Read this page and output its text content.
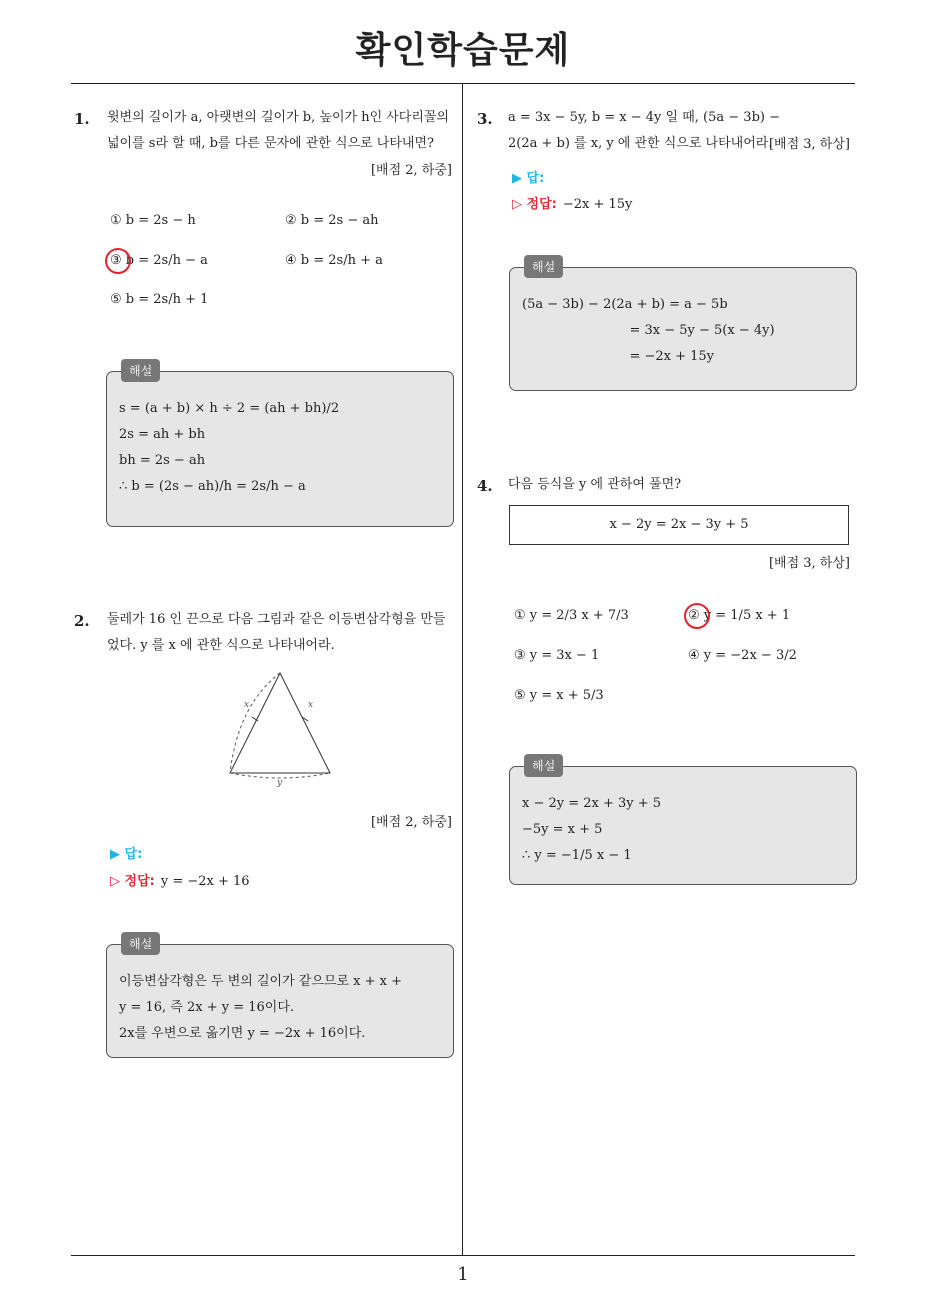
확인학습문제
1
1. 윗변의 길이가 a, 아랫변의 길이가 b, 높이가 h인 사다리꼴의 넓이를 s라 할 때, b를 다른 문자에 관한 식으로 나타내면?
[배점 2, 하중]
① b = 2s − h	② b = 2s − ah
③ b = 2s/h − a	④ b = 2s/h + a
⑤ b = 2s/h + 1
해설
s = (a + b) × h ÷ 2 = (ah + bh)/2
2s = ah + bh
bh = 2s − ah
∴ b = (2s − ah)/h = 2s/h − a
2. 둘레가 16 인 끈으로 다음 그림과 같은 이등변삼각형을 만들었다. y 를 x 에 관한 식으로 나타내어라.
x	x
y
[배점 2, 하중]
▶ 답:
▷ 정답: y = −2x + 16
해설
이등변삼각형은 두 변의 길이가 같으므로 x + x +
y = 16, 즉 2x + y = 16이다.
2x를 우변으로 옮기면 y = −2x + 16이다.
3. a = 3x − 5y, b = x − 4y 일 때, (5a − 3b) − 2(2a + b) 를 x, y 에 관한 식으로 나타내어라.
[배점 3, 하상]
▶ 답:
▷ 정답: −2x + 15y
해설
(5a − 3b) − 2(2a + b) = a − 5b
= 3x − 5y − 5(x − 4y)
= −2x + 15y
4. 다음 등식을 y 에 관하여 풀면?
x − 2y = 2x − 3y + 5
[배점 3, 하상]
① y = 2/3 x + 7/3	② y = 1/5 x + 1
③ y = 3x − 1	④ y = −2x − 3/2
⑤ y = x + 5/3
해설
x − 2y = 2x + 3y + 5
−5y = x + 5
∴ y = −1/5 x − 1
